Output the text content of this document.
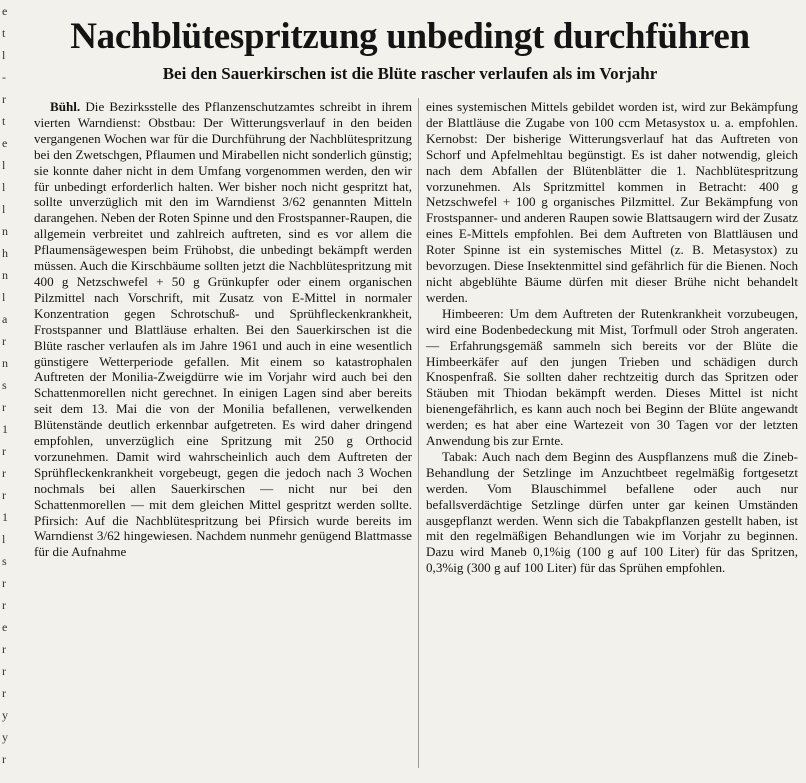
e
t
l
-
r
t
e
l
l
l
n
h
n
l
a
r
n
s
r
1
r
r
r
1
l
s
r
r
e
r
r
r
y
y
r
Nachblütespritzung unbedingt durchführen
Bei den Sauerkirschen ist die Blüte rascher verlaufen als im Vorjahr

Bühl. Die Bezirksstelle des Pflanzenschutzamtes schreibt in ihrem vierten Warndienst: Obstbau: Der Witterungsverlauf in den beiden vergangenen Wochen war für die Durchführung der Nachblütespritzung bei den Zwetschgen, Pflaumen und Mirabellen nicht sonderlich günstig; sie konnte daher nicht in dem Umfang vorgenommen werden, den wir für unbedingt erforderlich halten. Wer bisher noch nicht gespritzt hat, sollte unverzüglich mit den im Warndienst 3/62 genannten Mitteln darangehen. Neben der Roten Spinne und den Frostspanner-Raupen, die allgemein verbreitet und zahlreich auftreten, sind es vor allem die Pflaumensägewespen beim Frühobst, die unbedingt bekämpft werden müssen. Auch die Kirschbäume sollten jetzt die Nachblütespritzung mit 400 g Netzschwefel + 50 g Grünkupfer oder einem organischen Pilzmittel nach Vorschrift, mit Zusatz von E-Mittel in normaler Konzentration gegen Schrotschuß- und Sprühfleckenkrankheit, Frostspanner und Blattläuse erhalten. Bei den Sauerkirschen ist die Blüte rascher verlaufen als im Jahre 1961 und auch in eine wesentlich günstigere Wetterperiode gefallen. Mit einem so katastrophalen Auftreten der Monilia-Zweigdürre wie im Vorjahr wird auch bei den Schattenmorellen nicht gerechnet. In einigen Lagen sind aber bereits seit dem 13. Mai die von der Monilia befallenen, verwelkenden Blütenstände deutlich erkennbar aufgetreten. Es wird daher dringend empfohlen, unverzüglich eine Spritzung mit 250 g Orthocid vorzunehmen. Damit wird wahrscheinlich auch dem Auftreten der Sprühfleckenkrankheit vorgebeugt, gegen die jedoch nach 3 Wochen nochmals bei allen Sauerkirschen — nicht nur bei den Schattenmorellen — mit dem gleichen Mittel gespritzt werden sollte. Pfirsich: Auf die Nachblütespritzung bei Pfirsich wurde bereits im Warndienst 3/62 hingewiesen. Nachdem nunmehr genügend Blattmasse für die Aufnahme

eines systemischen Mittels gebildet worden ist, wird zur Bekämpfung der Blattläuse die Zugabe von 100 ccm Metasystox u. a. empfohlen. Kernobst: Der bisherige Witterungsverlauf hat das Auftreten von Schorf und Apfelmehltau begünstigt. Es ist daher notwendig, gleich nach dem Abfallen der Blütenblätter die 1. Nachblütespritzung vorzunehmen. Als Spritzmittel kommen in Betracht: 400 g Netzschwefel + 100 g organisches Pilzmittel. Zur Bekämpfung von Frostspanner- und anderen Raupen sowie Blattsaugern wird der Zusatz eines E-Mittels empfohlen. Bei dem Auftreten von Blattläusen und Roter Spinne ist ein systemisches Mittel (z. B. Metasystox) zu bevorzugen. Diese Insektenmittel sind gefährlich für die Bienen. Noch nicht abgeblühte Bäume dürfen mit dieser Brühe nicht behandelt werden.

Himbeeren: Um dem Auftreten der Rutenkrankheit vorzubeugen, wird eine Bodenbedeckung mit Mist, Torfmull oder Stroh angeraten. — Erfahrungsgemäß sammeln sich bereits vor der Blüte die Himbeerkäfer auf den jungen Trieben und schädigen durch Knospenfraß. Sie sollten daher rechtzeitig durch das Spritzen oder Stäuben mit Thiodan bekämpft werden. Dieses Mittel ist nicht bienengefährlich, es kann auch noch bei Beginn der Blüte angewandt werden; es hat aber eine Wartezeit von 30 Tagen vor der letzten Anwendung bis zur Ernte.

Tabak: Auch nach dem Beginn des Auspflanzens muß die Zineb-Behandlung der Setzlinge im Anzuchtbeet regelmäßig fortgesetzt werden. Vom Blauschimmel befallene oder auch nur befallsverdächtige Setzlinge dürfen unter gar keinen Umständen ausgepflanzt werden. Wenn sich die Tabakpflanzen gestellt haben, ist mit den regelmäßigen Behandlungen wie im Vorjahr zu beginnen. Dazu wird Maneb 0,1%ig (100 g auf 100 Liter) für das Spritzen, 0,3%ig (300 g auf 100 Liter) für das Sprühen empfohlen.
